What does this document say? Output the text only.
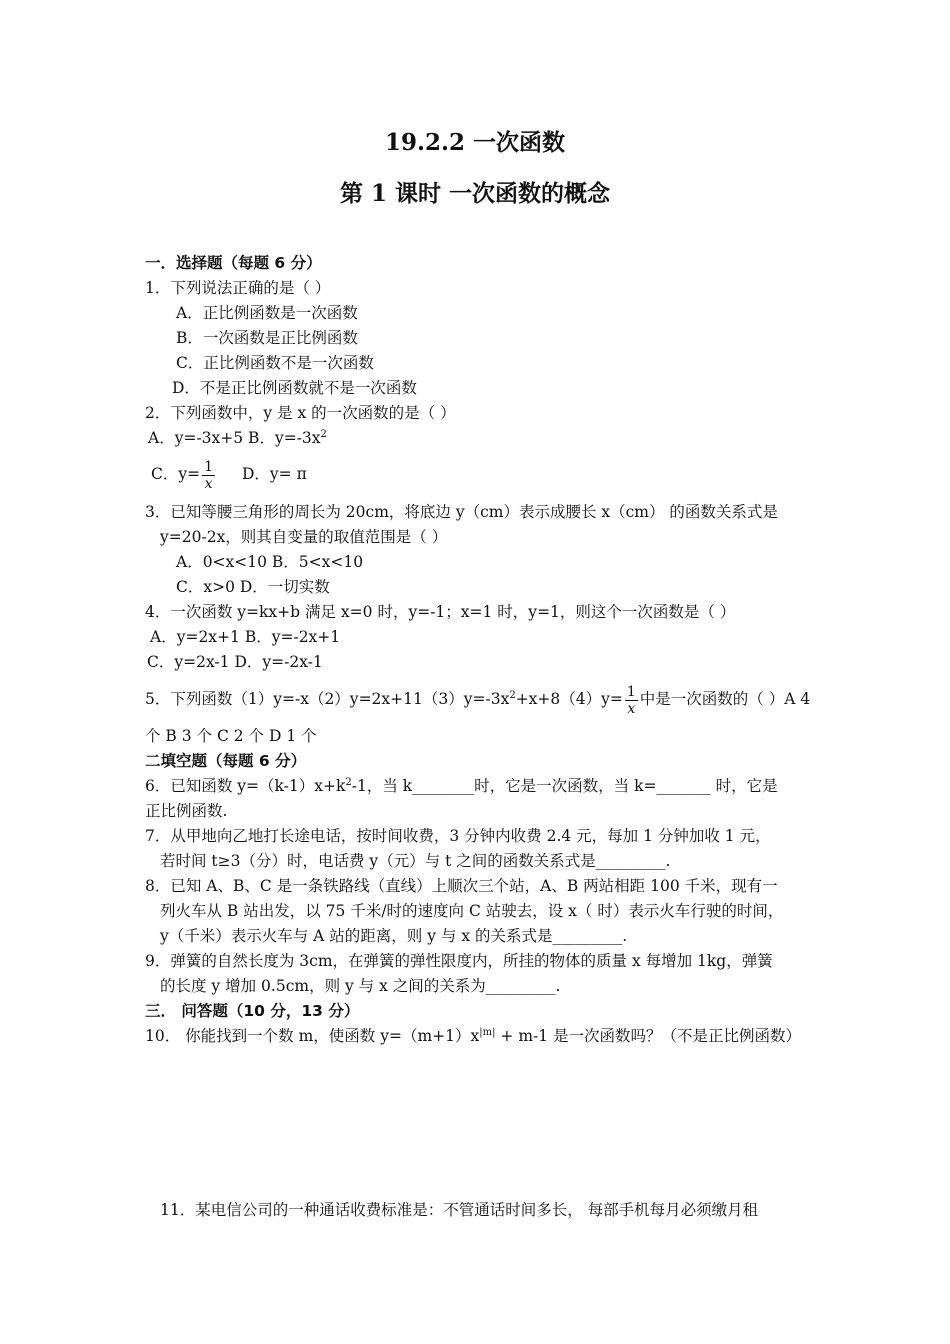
19.2.2 一次函数
第 1 课时 一次函数的概念
一．选择题（每题 6 分）
1．下列说法正确的是（ ）
A．正比例函数是一次函数
B．一次函数是正比例函数
C．正比例函数不是一次函数
D．不是正比例函数就不是一次函数
2．下列函数中，y 是 x 的一次函数的是（ ）
A．y=-3x+5 B．$y=-3x^2$
C．$y= \frac{1}{x}$ D．y= π
3．已知等腰三角形的周长为 20cm，将底边 y（cm）表示成腰长 x（cm） 的函数关系式是
y=20-2x，则其自变量的取值范围是（ ）
A．0<x<10 B．5<x<10
C．x>0 D．一切实数
4．一次函数 y=kx+b 满足 x=0 时，y=-1；x=1 时，y=1，则这个一次函数是（ ）
A．y=2x+1 B．y=-2x+1
C．y=2x-1 D．y=-2x-1
5．下列函数$(1)y=-x(2)y=2x+11(3)y=-3x^2+x+8(4)y= \frac{1}{x}$ 中是一次函数的（ ）A 4
个 B 3 个 C 2 个 D 1 个
二填空题（每题 6 分）
6．已知函数 $y=(k-1)x+k^2-1$，当 k________时，它是一次函数，当 k=_______ 时，它是
正比例函数.
7．从甲地向乙地打长途电话，按时间收费，3 分钟内收费 2.4 元，每加 1 分钟加收 1 元，
若时间 t≥3（分）时，电话费 y（元）与 t 之间的函数关系式是_________.
8．已知 A、B、C 是一条铁路线（直线）上顺次三个站，A、B 两站相距 100 千米，现有一
列火车从 B 站出发，以 75 千米/时的速度向 C 站驶去，设 x（ 时）表示火车行驶的时间，
y（千米）表示火车与 A 站的距离，则 y 与 x 的关系式是_________.
9．弹簧的自然长度为 3cm，在弹簧的弹性限度内，所挂的物体的质量 x 每增加 1kg，弹簧
的长度 y 增加 0.5cm，则 y 与 x 之间的关系为_________.
三． 问答题（10 分，13 分）
10． 你能找到一个数 m，使函数 $y=(m+1)x^{|m|} + m-1$ 是一次函数吗？（不是正比例函数）
11．某电信公司的一种通话收费标准是：不管通话时间多长， 每部手机每月必须缴月租
